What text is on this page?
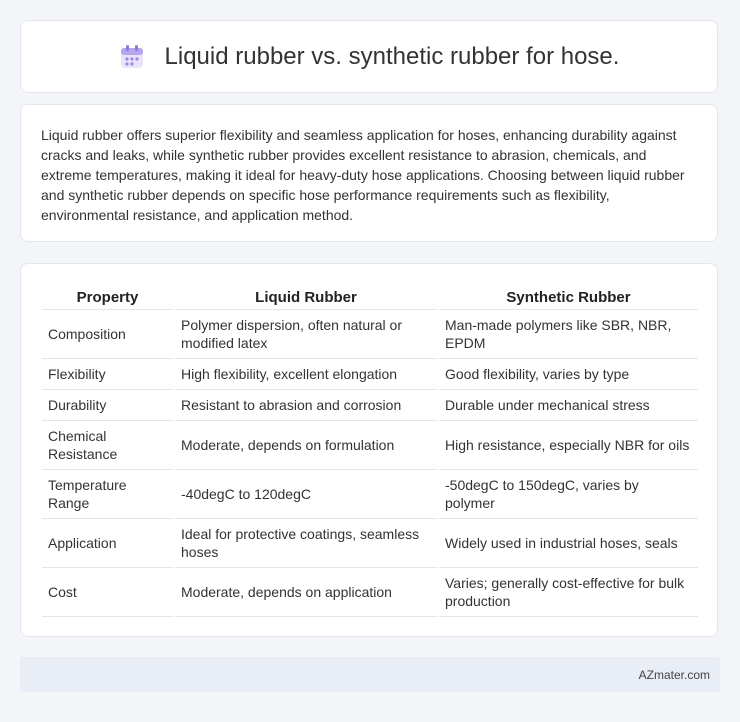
Liquid rubber vs. synthetic rubber for hose.

Liquid rubber offers superior flexibility and seamless application for hoses, enhancing durability against cracks and leaks, while synthetic rubber provides excellent resistance to abrasion, chemicals, and extreme temperatures, making it ideal for heavy-duty hose applications. Choosing between liquid rubber and synthetic rubber depends on specific hose performance requirements such as flexibility, environmental resistance, and application method.

Property	Liquid Rubber	Synthetic Rubber
Composition	Polymer dispersion, often natural or modified latex	Man-made polymers like SBR, NBR, EPDM
Flexibility	High flexibility, excellent elongation	Good flexibility, varies by type
Durability	Resistant to abrasion and corrosion	Durable under mechanical stress
Chemical Resistance	Moderate, depends on formulation	High resistance, especially NBR for oils
Temperature Range	-40degC to 120degC	-50degC to 150degC, varies by polymer
Application	Ideal for protective coatings, seamless hoses	Widely used in industrial hoses, seals
Cost	Moderate, depends on application	Varies; generally cost-effective for bulk production
AZmater.com
